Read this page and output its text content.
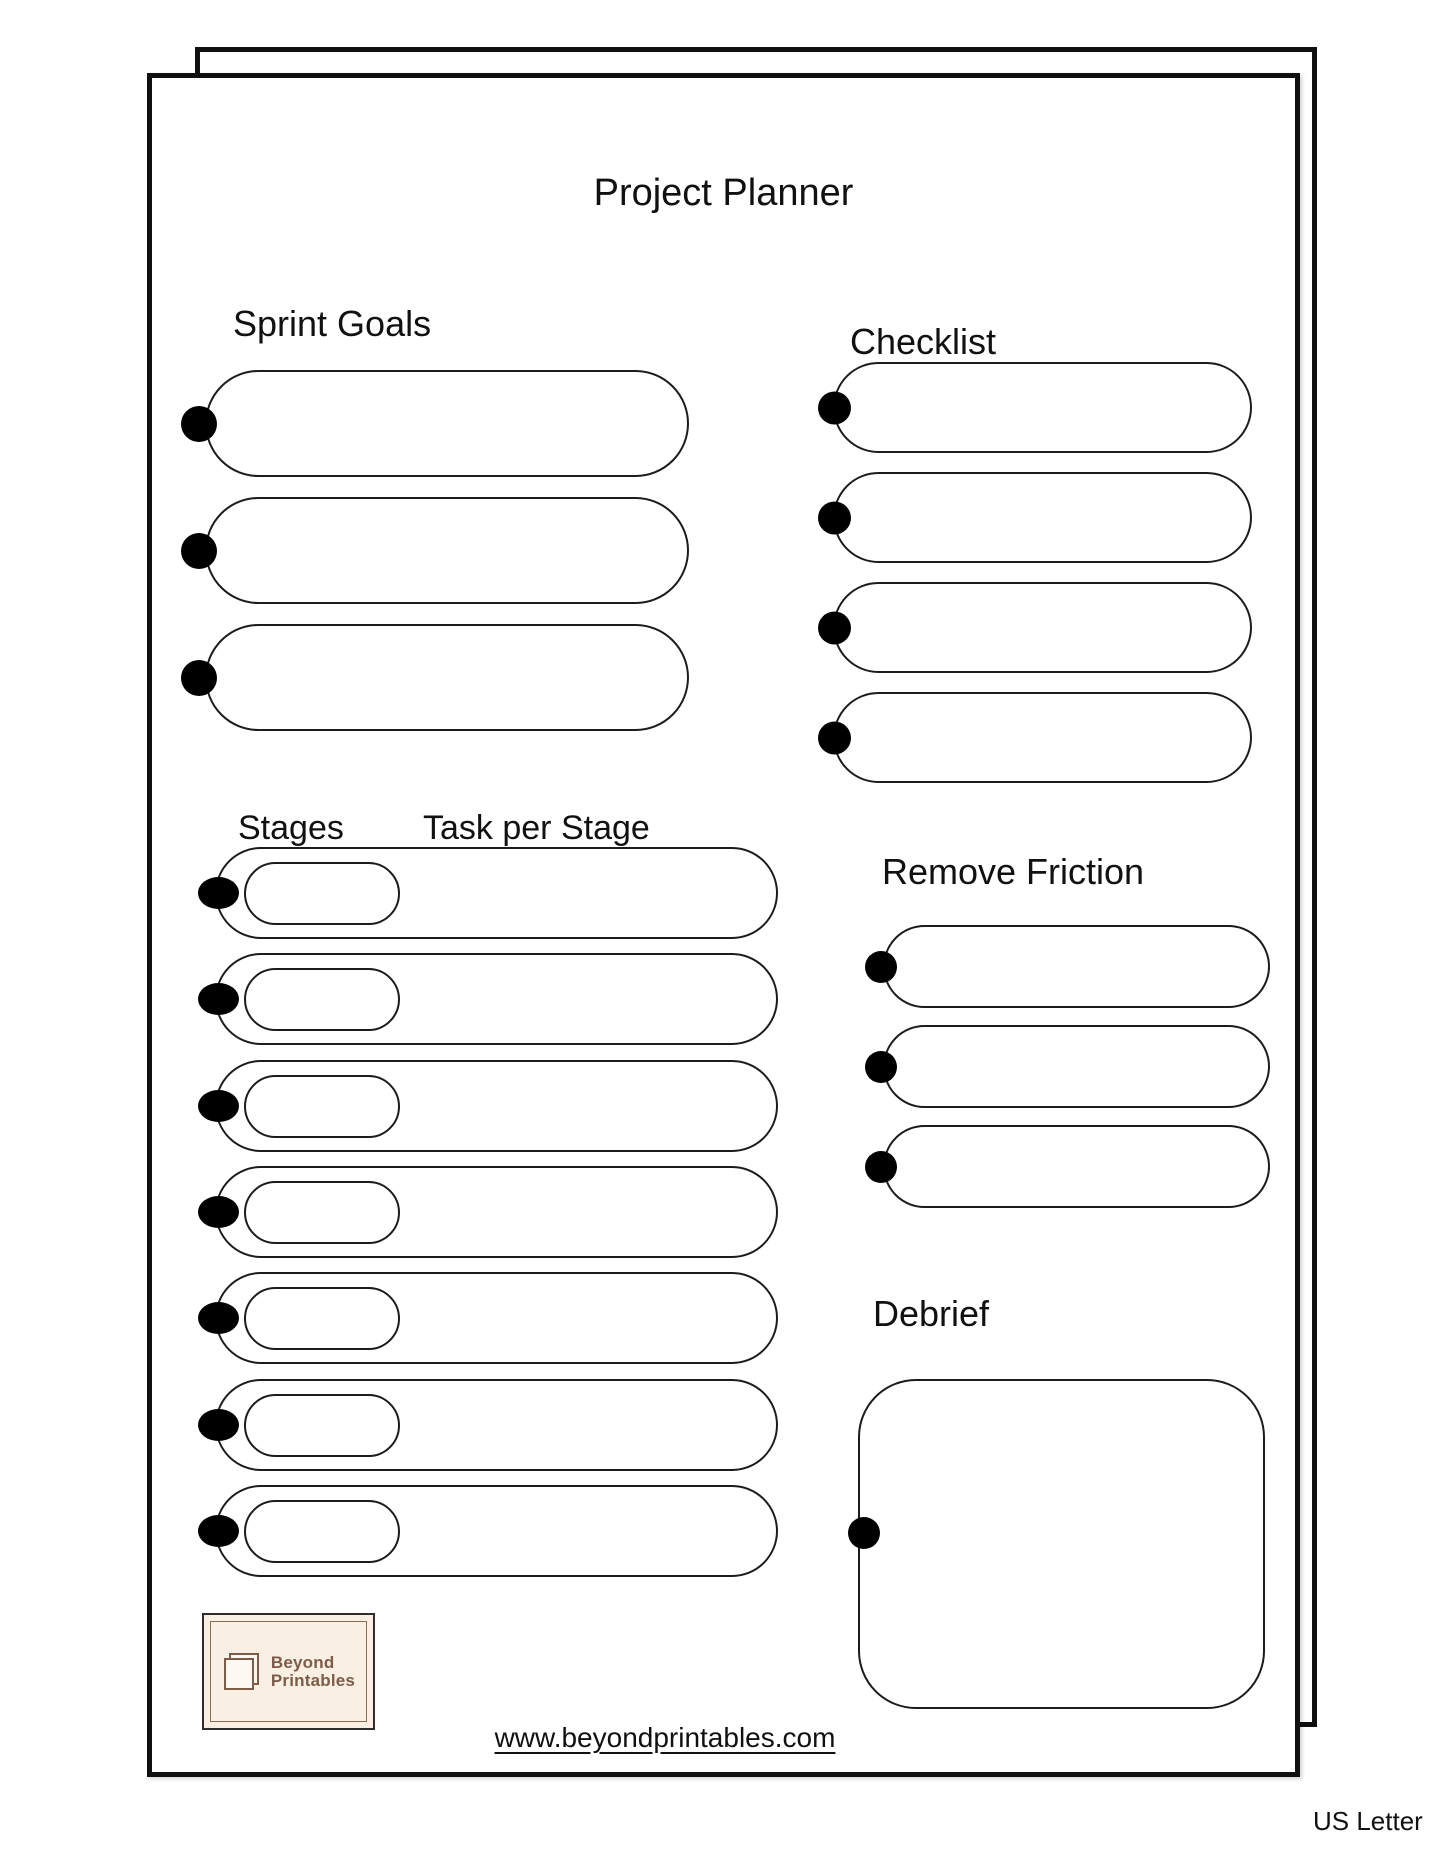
Project Planner
Sprint Goals	Checklist
Stages Task per Stage
Remove Friction
Debrief
Beyond
Printables
www.beyondprintables.com
US Letter
